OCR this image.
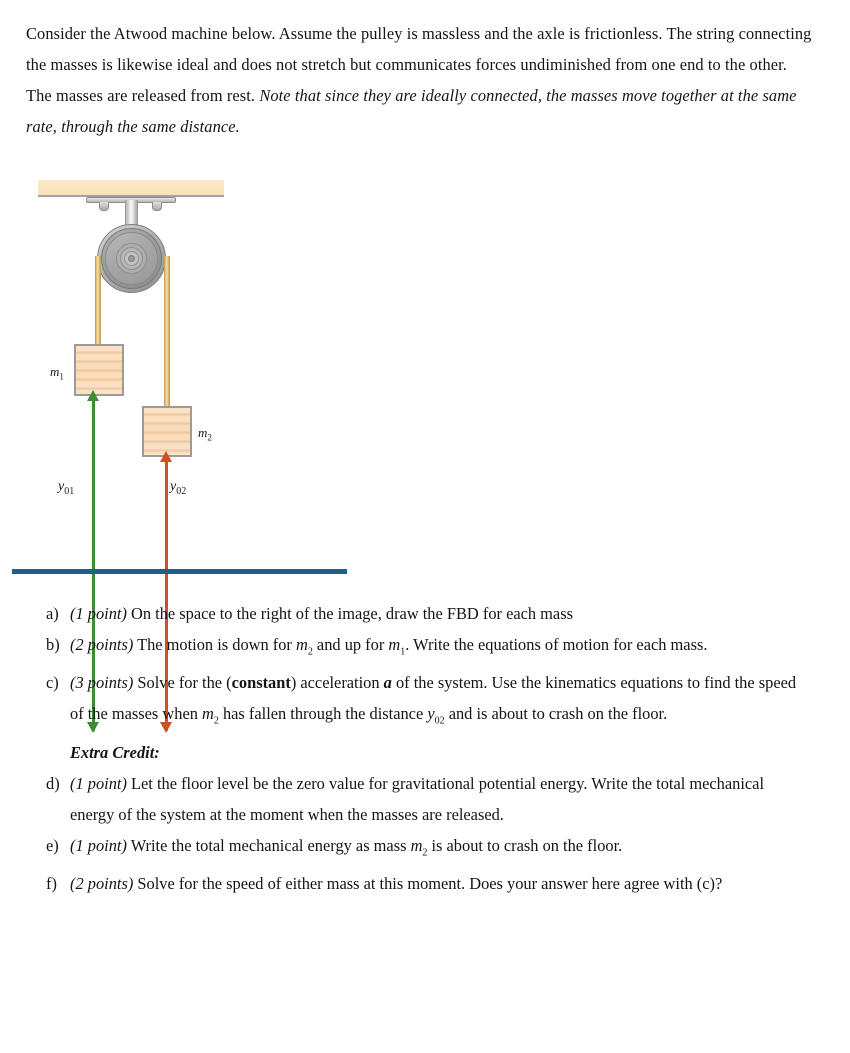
Consider the Atwood machine below. Assume the pulley is massless and the axle is frictionless. The string connecting the masses is likewise ideal and does not stretch but communicates forces undiminished from one end to the other. The masses are released from rest. Note that since they are ideally connected, the masses move together at the same rate, through the same distance.
$m_1$
$m_2$
$y_{01}$	$y_{02}$
a) (1 point) On the space to the right of the image, draw the FBD for each mass
b) (2 points) The motion is down for $m_2$ and up for $m_1$. Write the equations of motion for each mass.
c) (3 points) Solve for the (constant) acceleration a of the system. Use the kinematics equations to find the speed of the masses when $m_2$ has fallen through the distance $y_{02}$ and is about to crash on the floor.
Extra Credit:
d) (1 point) Let the floor level be the zero value for gravitational potential energy. Write the total mechanical energy of the system at the moment when the masses are released.
e) (1 point) Write the total mechanical energy as mass $m_2$ is about to crash on the floor.
f) (2 points) Solve for the speed of either mass at this moment. Does your answer here agree with (c)?
